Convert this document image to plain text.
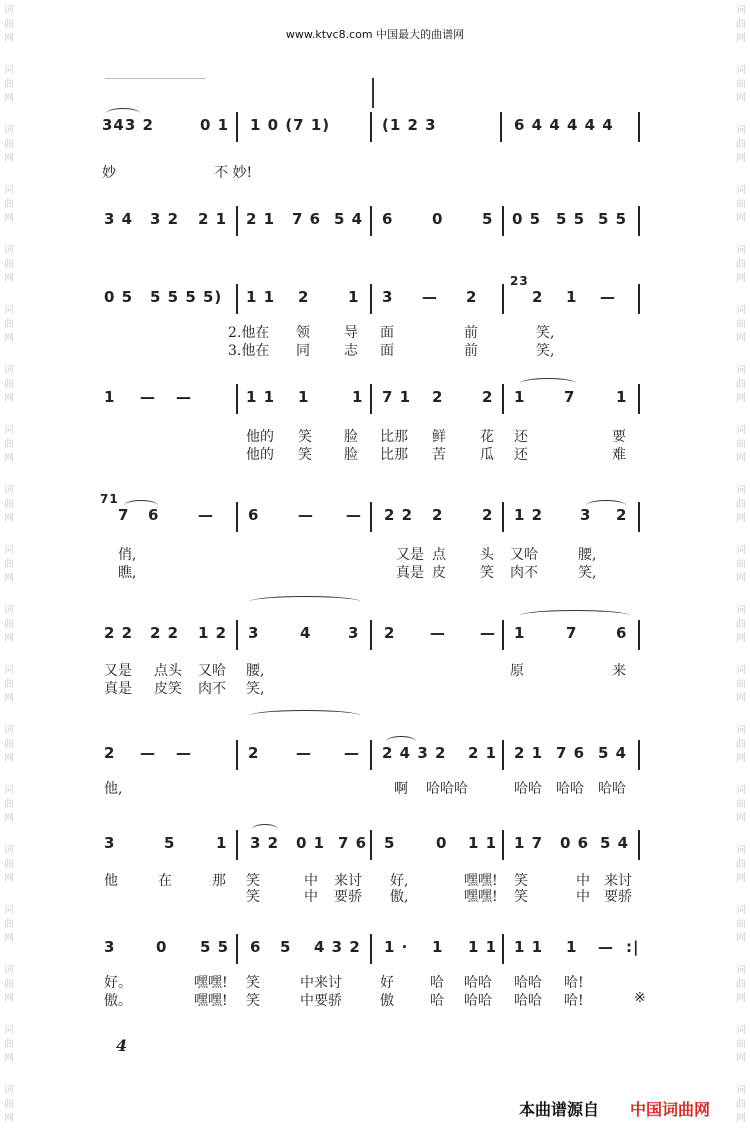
词
曲
网
词
曲
网
词
曲
网
词
曲
网
词
曲
网
词
曲
网
词
曲
网
词
曲
网
词
曲
网
词
曲
网
词
曲
网
词
曲
网
词
曲
网
词
曲
网
词
曲
网
词
曲
网
词
曲
网
词
曲
网
词
曲
网
词
曲
网
词
曲
网
词
曲
网
词
曲
网
词
曲
网
词
曲
网
词
曲
网
词
曲
网
词
曲
网
词
曲
网
词
曲
网
词
曲
网
词
曲
网
词
曲
网
词
曲
网
词
曲
网
词
曲
网
词
曲
网
词
曲
网
www.ktvc8.com 中国最大的曲谱网
343 2	0 1 1 0 (7 1)	(1 2 3	6 4 4 4 4 4
妙	不 妙!
3 4 3 2 2 1 2 1 7 6 5 4 6	0	5 0 5 5 5 5 5
0 5 5 5 5 5) 1 1 2	1 3 — 2
23
2 1 —
2.他在 领 导 面	前	笑,
3.他在 同 志 面	前	笑,
1 — —	1 1 1	1 7 1 2	2 1	7	1
他的 笑 脸 比那 鲜 花 还	要
他的 笑 脸 比那 苦 瓜 还	难
71
7 6	— 6	— — 2 2 2	2 1 2 3 2
俏,	又是 点 头 又哈	腰,
瞧,	真是 皮 笑 肉不	笑,
2 2 2 2 1 2 3	4 3 2 — — 1	7	6
又是 点头 又哈 腰,	原	来
真是 皮笑 肉不 笑,
2 — —	2 — — 2 4 3 2 2 1 2 1 7 6 5 4
他,	啊 哈哈哈	哈哈 哈哈 哈哈
3	5	1 3 2 0 1 7 6 5	0 1 1 1 7 0 6 5 4
他	在	那 笑	中 来讨 好,	嘿嘿! 笑	中 来讨
笑	中 要骄 傲,	嘿嘿! 笑	中 要骄
3	0 5 5 6 5 4 3 2 1 · 1 1 1 1 1 1 — :|
好。	嘿嘿! 笑	中来讨	好	哈 哈哈 哈哈 哈!
傲。	嘿嘿! 笑	中要骄	傲	哈 哈哈 哈哈 哈!	※
4
本曲谱源自 中国词曲网
